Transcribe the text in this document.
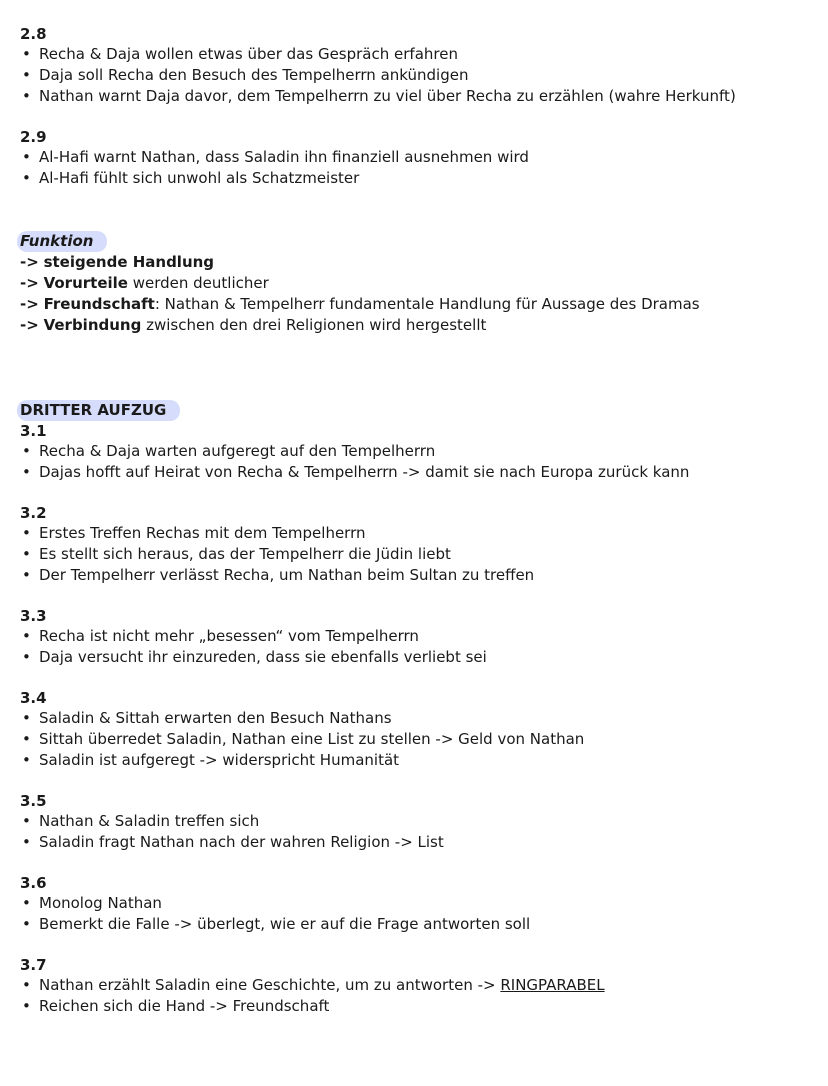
2.8

• Recha & Daja wollen etwas über das Gespräch erfahren
• Daja soll Recha den Besuch des Tempelherrn ankündigen
• Nathan warnt Daja davor, dem Tempelherrn zu viel über Recha zu erzählen (wahre Herkunft)

2.9

• Al-Hafi warnt Nathan, dass Saladin ihn finanziell ausnehmen wird
• Al-Hafi fühlt sich unwohl als Schatzmeister
Funktion
-> steigende Handlung
-> Vorurteile werden deutlicher
-> Freundschaft: Nathan & Tempelherr fundamentale Handlung für Aussage des Dramas
-> Verbindung zwischen den drei Religionen wird hergestellt
DRITTER AUFZUG

3.1

• Recha & Daja warten aufgeregt auf den Tempelherrn
• Dajas hofft auf Heirat von Recha & Tempelherrn -> damit sie nach Europa zurück kann

3.2

• Erstes Treffen Rechas mit dem Tempelherrn
• Es stellt sich heraus, das der Tempelherr die Jüdin liebt
• Der Tempelherr verlässt Recha, um Nathan beim Sultan zu treffen

3.3

• Recha ist nicht mehr „besessen“ vom Tempelherrn
• Daja versucht ihr einzureden, dass sie ebenfalls verliebt sei

3.4

• Saladin & Sittah erwarten den Besuch Nathans
• Sittah überredet Saladin, Nathan eine List zu stellen -> Geld von Nathan
• Saladin ist aufgeregt -> widerspricht Humanität

3.5

• Nathan & Saladin treffen sich
• Saladin fragt Nathan nach der wahren Religion -> List

3.6

• Monolog Nathan
• Bemerkt die Falle -> überlegt, wie er auf die Frage antworten soll

3.7

• Nathan erzählt Saladin eine Geschichte, um zu antworten -> RINGPARABEL
• Reichen sich die Hand -> Freundschaft
